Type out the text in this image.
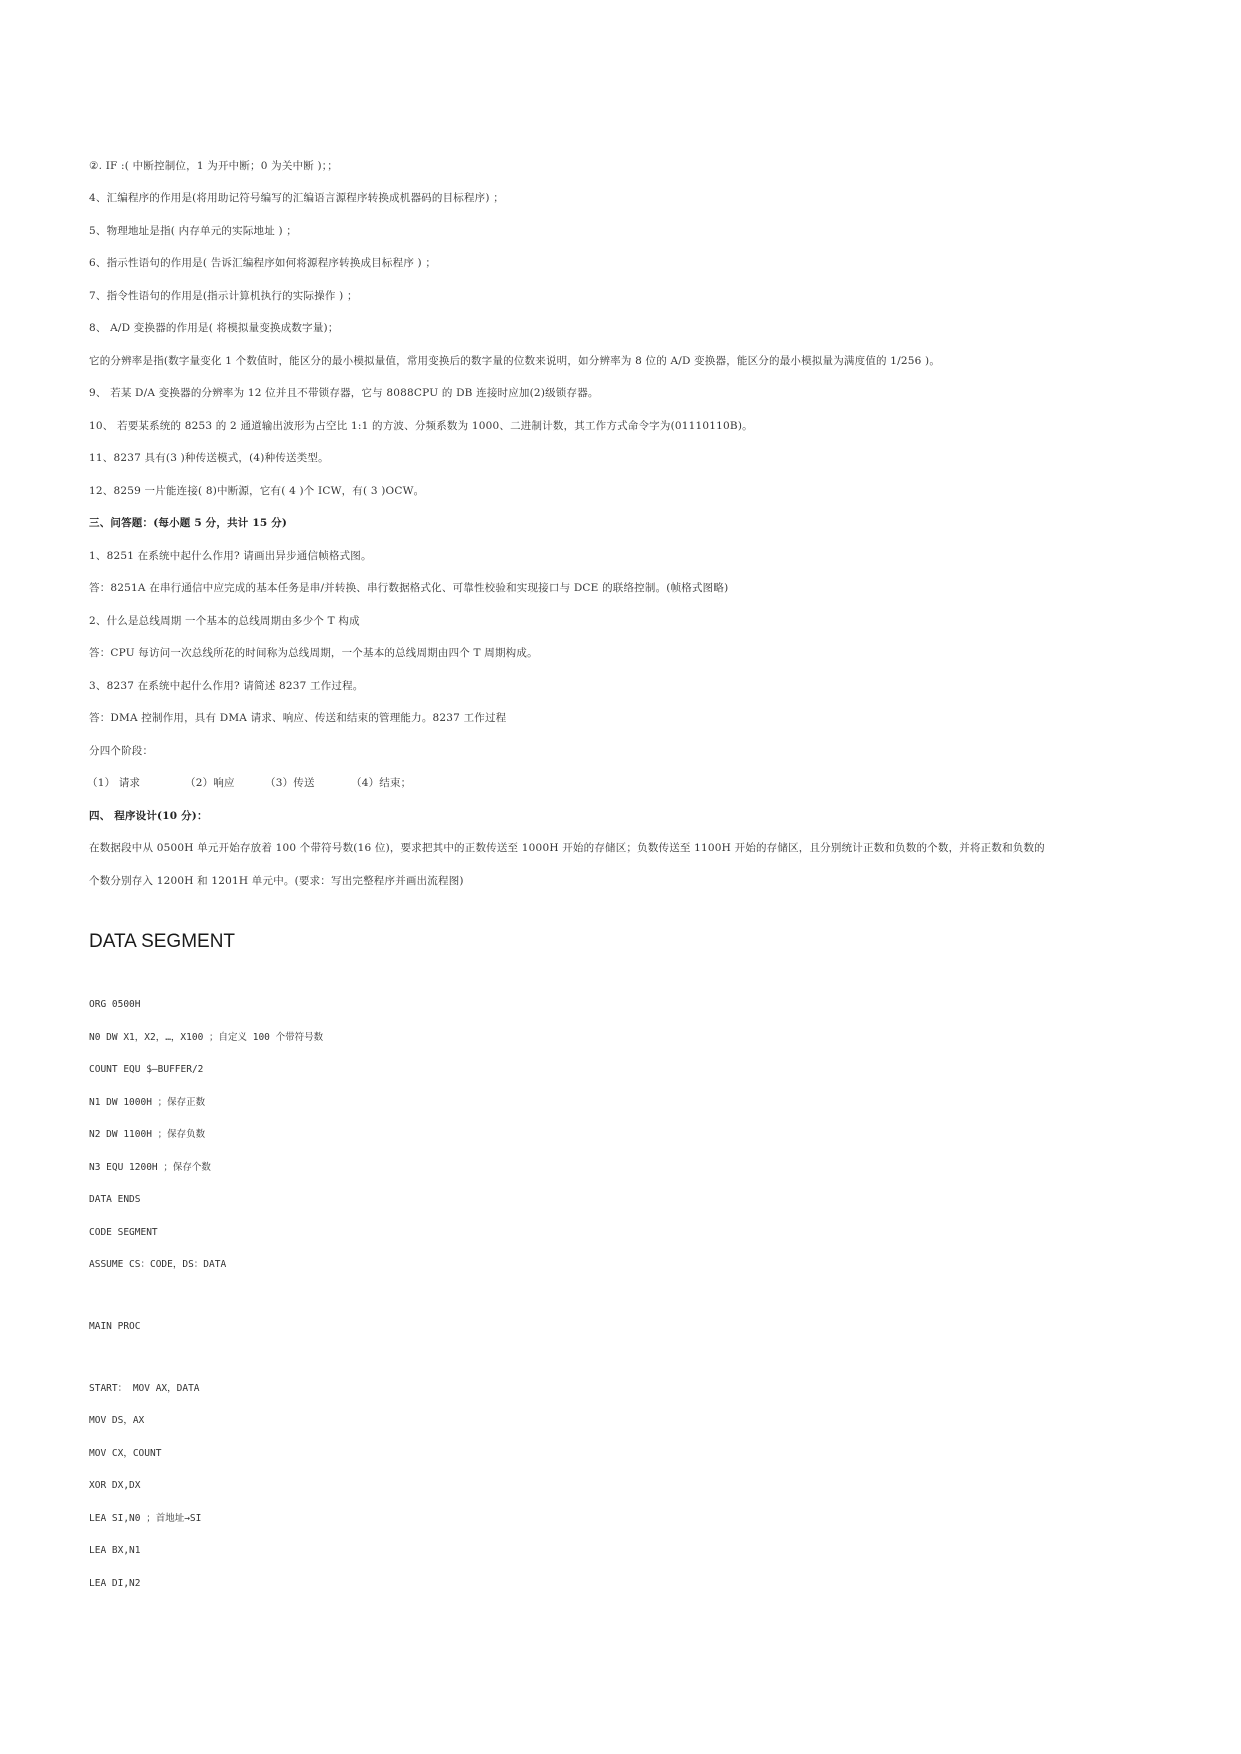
②. IF :( 中断控制位，1 为开中断；0 为关中断 )；；
4、汇编程序的作用是(将用助记符号编写的汇编语言源程序转换成机器码的目标程序) ；
5、物理地址是指( 内存单元的实际地址 ) ；
6、指示性语句的作用是( 告诉汇编程序如何将源程序转换成目标程序 ) ；
7、指令性语句的作用是(指示计算机执行的实际操作 ) ；
8、 A/D 变换器的作用是( 将模拟量变换成数字量)；
它的分辨率是指(数字量变化 1 个数值时，能区分的最小模拟量值，常用变换后的数字量的位数来说明，如分辨率为 8 位的 A/D 变换器，能区分的最小模拟量为满度值的 1/256 )。
9、 若某 D/A 变换器的分辨率为 12 位并且不带锁存器，它与 8088CPU 的 DB 连接时应加(2)级锁存器。
10、 若要某系统的 8253 的 2 通道输出波形为占空比 1:1 的方波、分频系数为 1000、二进制计数，其工作方式命令字为(01110110B)。
11、8237 具有(3 )种传送模式，(4)种传送类型。
12、8259 一片能连接( 8)中断源，它有( 4 )个 ICW，有( 3 )OCW。
三、问答题：(每小题 5 分，共计 15 分)
1、8251 在系统中起什么作用? 请画出异步通信帧格式图。
答：8251A 在串行通信中应完成的基本任务是串/并转换、串行数据格式化、可靠性校验和实现接口与 DCE 的联络控制。(帧格式图略)
2、什么是总线周期 一个基本的总线周期由多少个 T 构成
答：CPU 每访问一次总线所花的时间称为总线周期，一个基本的总线周期由四个 T 周期构成。
3、8237 在系统中起什么作用? 请简述 8237 工作过程。
答：DMA 控制作用，具有 DMA 请求、响应、传送和结束的管理能力。8237 工作过程
分四个阶段：
（1） 请求	（2）响应	（3）传送	（4）结束；
四、 程序设计(10 分)：
在数据段中从 0500H 单元开始存放着 100 个带符号数(16 位)，要求把其中的正数传送至 1000H 开始的存储区；负数传送至 1100H 开始的存储区，且分别统计正数和负数的个数，并将正数和负数的
个数分别存入 1200H 和 1201H 单元中。(要求：写出完整程序并画出流程图)
DATA SEGMENT
ORG 0500H
N0 DW X1，X2，…，X100 ；自定义 100 个带符号数
COUNT EQU $—BUFFER/2
N1 DW 1000H ；保存正数
N2 DW 1100H ；保存负数
N3 EQU 1200H ；保存个数
DATA ENDS
CODE SEGMENT
ASSUME CS：CODE，DS：DATA
MAIN PROC
START： MOV AX，DATA
MOV DS，AX
MOV CX，COUNT
XOR DX,DX
LEA SI,N0 ；首地址→SI
LEA BX,N1
LEA DI,N2
